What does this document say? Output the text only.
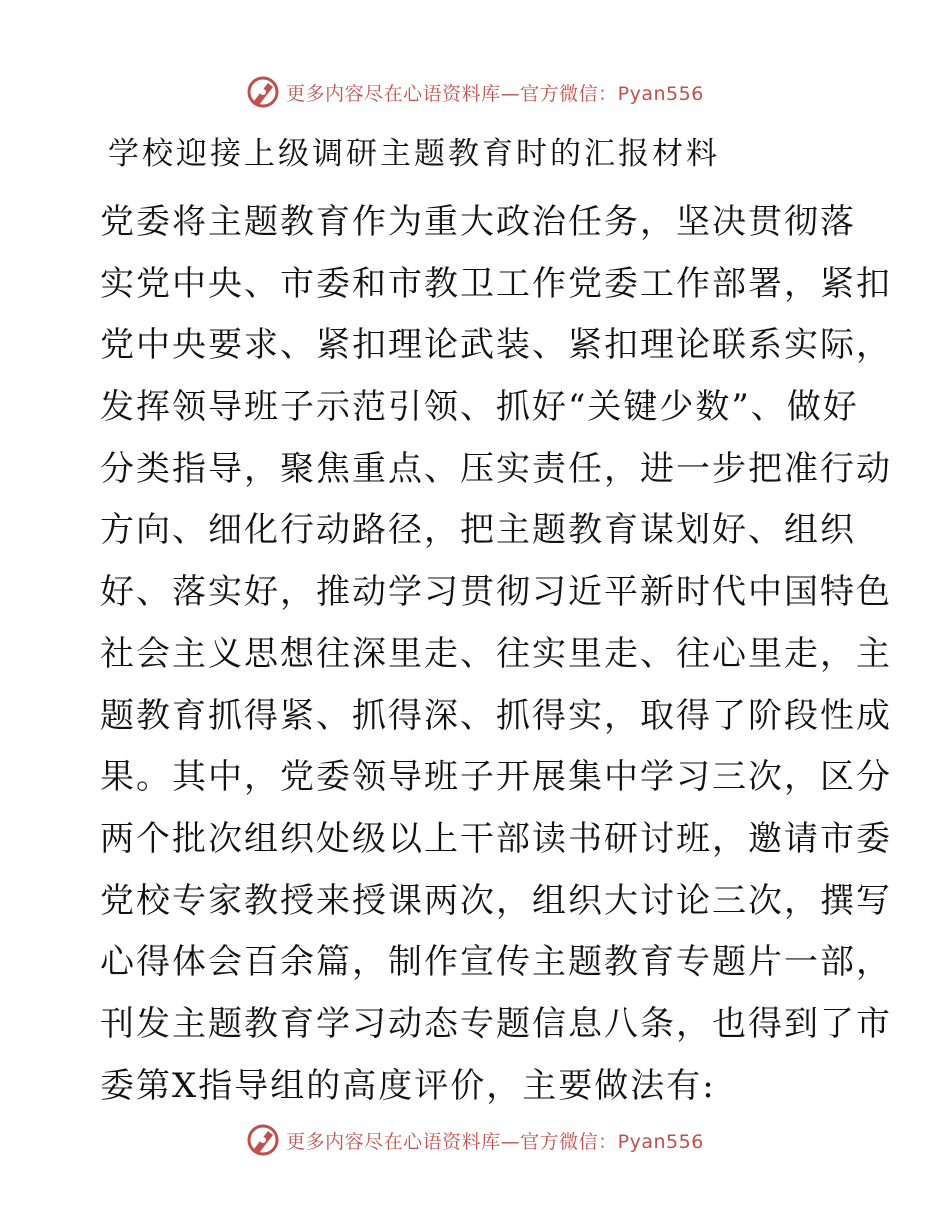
更多内容尽在心语资料库—官方微信：Pyan556
学校迎接上级调研主题教育时的汇报材料
党委将主题教育作为重大政治任务，坚决贯彻落
实党中央、市委和市教卫工作党委工作部署，紧扣
党中央要求、紧扣理论武装、紧扣理论联系实际，
发挥领导班子示范引领、抓好“关键少数”、做好
分类指导，聚焦重点、压实责任，进一步把准行动
方向、细化行动路径，把主题教育谋划好、组织
好、落实好，推动学习贯彻习近平新时代中国特色
社会主义思想往深里走、往实里走、往心里走，主
题教育抓得紧、抓得深、抓得实，取得了阶段性成
果。其中，党委领导班子开展集中学习三次，区分
两个批次组织处级以上干部读书研讨班，邀请市委
党校专家教授来授课两次，组织大讨论三次，撰写
心得体会百余篇，制作宣传主题教育专题片一部，
刊发主题教育学习动态专题信息八条，也得到了市
委第X指导组的高度评价，主要做法有:
更多内容尽在心语资料库—官方微信：Pyan556
